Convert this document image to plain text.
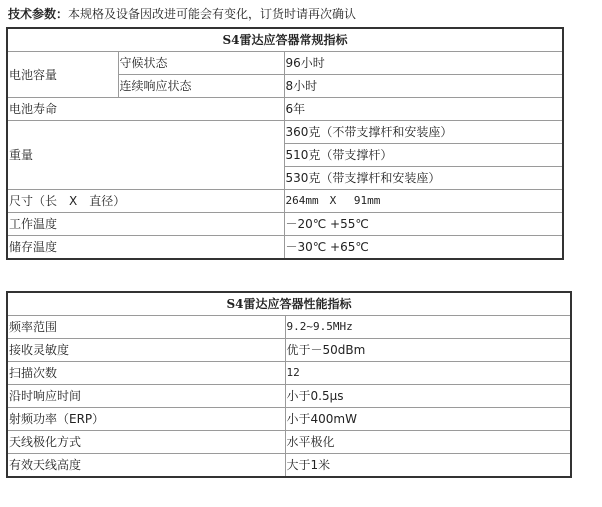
技术参数：本规格及设备因改进可能会有变化，订货时请再次确认
S4雷达应答器常规指标		
电池容量	守候状态	96小时
	连续响应状态	8小时
电池寿命		6年
重量		360克（不带支撑杆和安装座）
		510克（带支撑杆）
		530克（带支撑杆和安装座）
尺寸（长　X　直径）		264mm　X　 91mm
工作温度		－20℃ +55℃
储存温度		－30℃ +65℃
S4雷达应答器性能指标	
频率范围	9.2~9.5MHz
接收灵敏度	优于－50dBm
扫描次数	12
沿时响应时间	小于0.5μs
射频功率（ERP）	小于400mW
天线极化方式	水平极化
有效天线高度	大于1米
